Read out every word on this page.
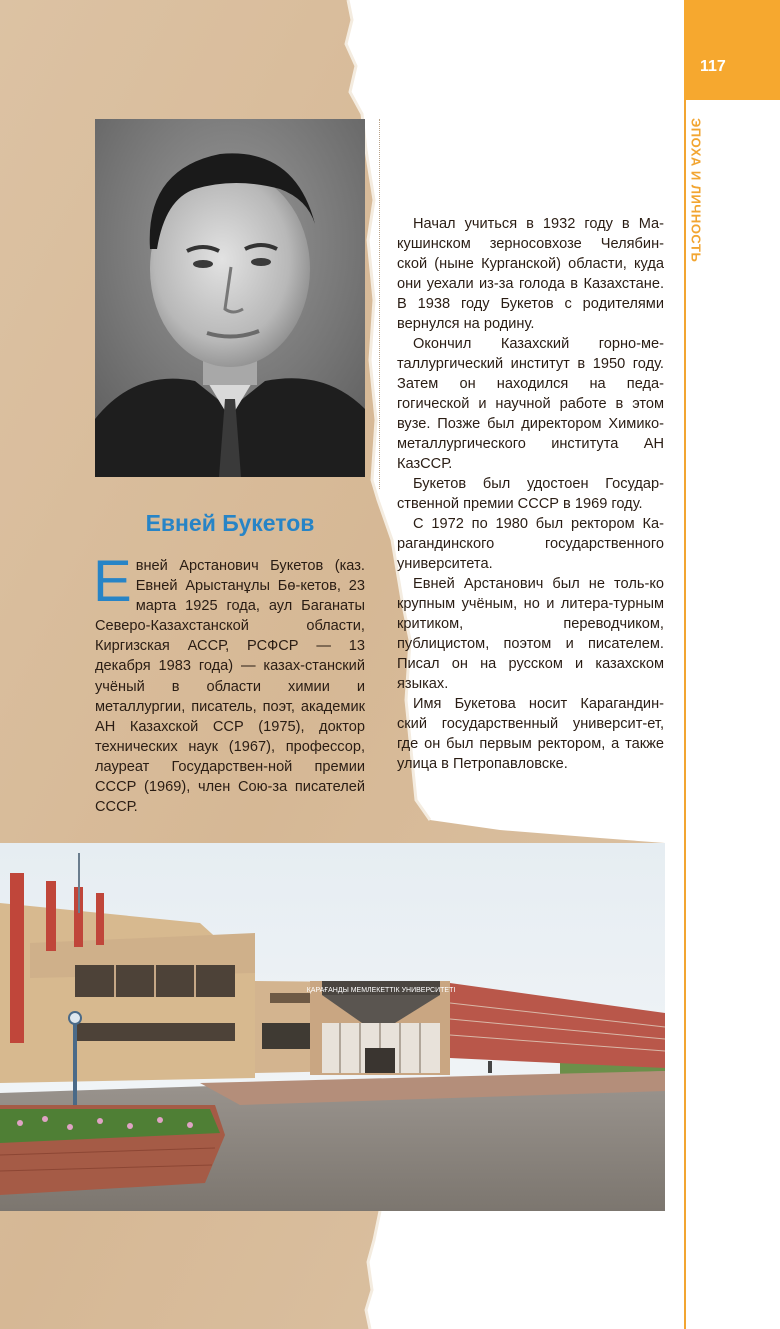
117
ЭПОХА И ЛИЧНОСТЬ
Евней Букетов
Евней Арстанович Букетов (каз. Евней Арыстанұлы Бө-кетов, 23 марта 1925 года, аул Баганаты Северо-Казахстанской области, Киргизская АССР, РСФСР — 13 декабря 1983 года) — казах-станский учёный в области химии и металлургии, писатель, поэт, академик АН Казахской ССР (1975), доктор технических наук (1967), профессор, лауреат Государствен-ной премии СССР (1969), член Сою-за писателей СССР.

Начал учиться в 1932 году в Ма-кушинском зерносовхозе Челябин-ской (ныне Курганской) области, куда они уехали из-за голода в Казахстане. В 1938 году Букетов с родителями вернулся на родину.

Окончил Казахский горно-ме-таллургический институт в 1950 году. Затем он находился на педа-гогической и научной работе в этом вузе. Позже был директором Химико-металлургического института АН КазССР.

Букетов был удостоен Государ-ственной премии СССР в 1969 году.

С 1972 по 1980 был ректором Ка-рагандинского государственного университета.

Евней Арстанович был не толь-ко крупным учёным, но и литера-турным критиком, переводчиком, публицистом, поэтом и писателем. Писал он на русском и казахском языках.

Имя Букетова носит Карагандин-ский государственный университ-ет, где он был первым ректором, а также улица в Петропавловске.

ҚАРАҒАНДЫ МЕМЛЕКЕТТІК УНИВЕРСИТЕТІ
